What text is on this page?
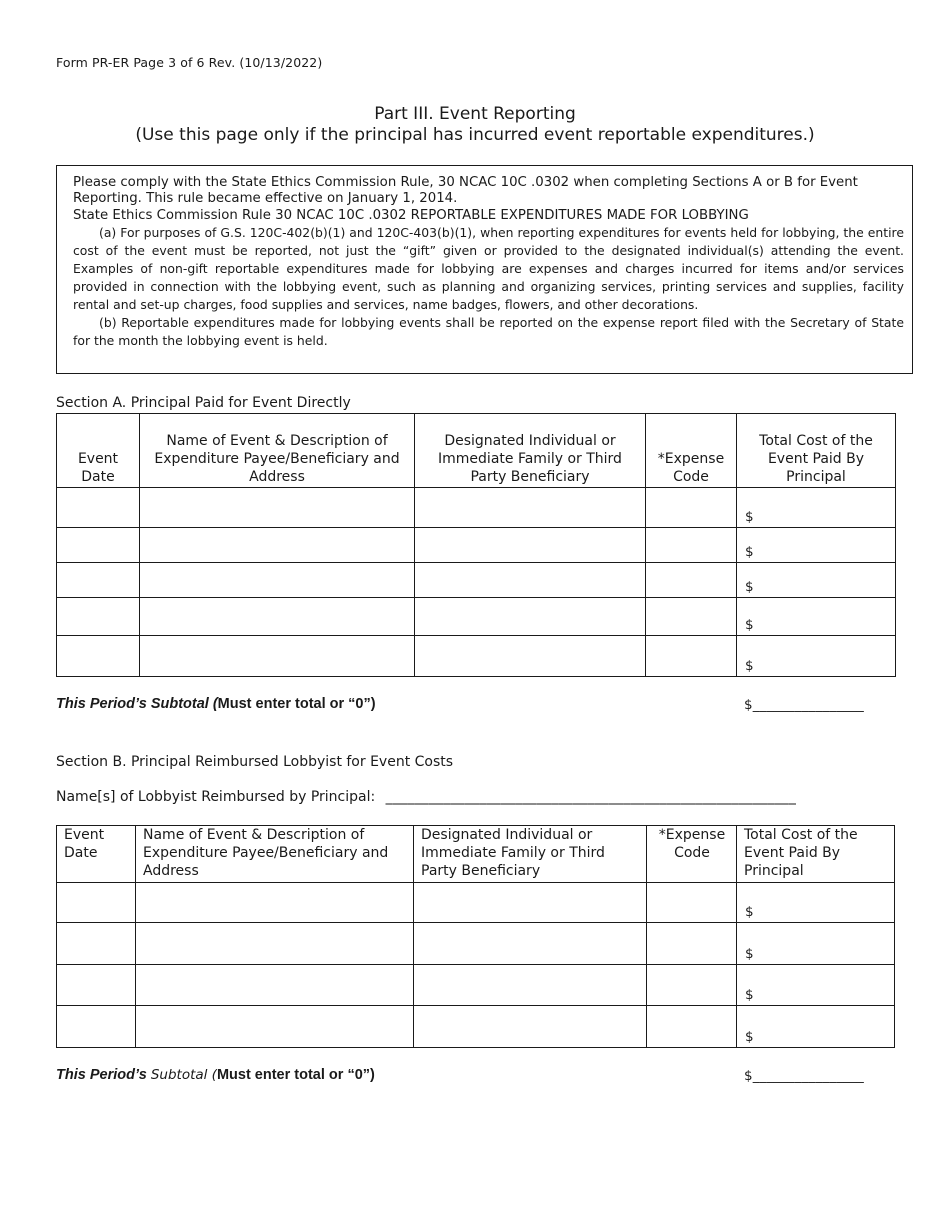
Form PR-ER Page 3 of 6 Rev. (10/13/2022)
Part III. Event Reporting
(Use this page only if the principal has incurred event reportable expenditures.)

Please comply with the State Ethics Commission Rule, 30 NCAC 10C .0302 when completing Sections A or B for Event Reporting. This rule became effective on January 1, 2014.

State Ethics Commission Rule 30 NCAC 10C .0302 REPORTABLE EXPENDITURES MADE FOR LOBBYING

(a) For purposes of G.S. 120C-402(b)(1) and 120C-403(b)(1), when reporting expenditures for events held for lobbying, the entire cost of the event must be reported, not just the “gift” given or provided to the designated individual(s) attending the event. Examples of non-gift reportable expenditures made for lobbying are expenses and charges incurred for items and/or services provided in connection with the lobbying event, such as planning and organizing services, printing services and supplies, facility rental and set-up charges, food supplies and services, name badges, flowers, and other decorations.

(b) Reportable expenditures made for lobbying events shall be reported on the expense report filed with the Secretary of State for the month the lobbying event is held.

Section A. Principal Paid for Event Directly
Event Date	Name of Event & Description of Expenditure Payee/Beneficiary and Address	Designated Individual or Immediate Family or Third Party Beneficiary	*Expense Code	Total Cost of the Event Paid By Principal
				$
				$
				$
				$
				$
This Period’s Subtotal (Must enter total or “0”)	$________________
Section B. Principal Reimbursed Lobbyist for Event Costs
Name[s] of Lobbyist Reimbursed by Principal: _________________________________________________________
Event Date	Name of Event & Description of Expenditure Payee/Beneficiary and Address	Designated Individual or Immediate Family or Third Party Beneficiary	*Expense Code	Total Cost of the Event Paid By Principal
				$
				$
				$
				$
This Period’s Subtotal (Must enter total or “0”)	$________________
